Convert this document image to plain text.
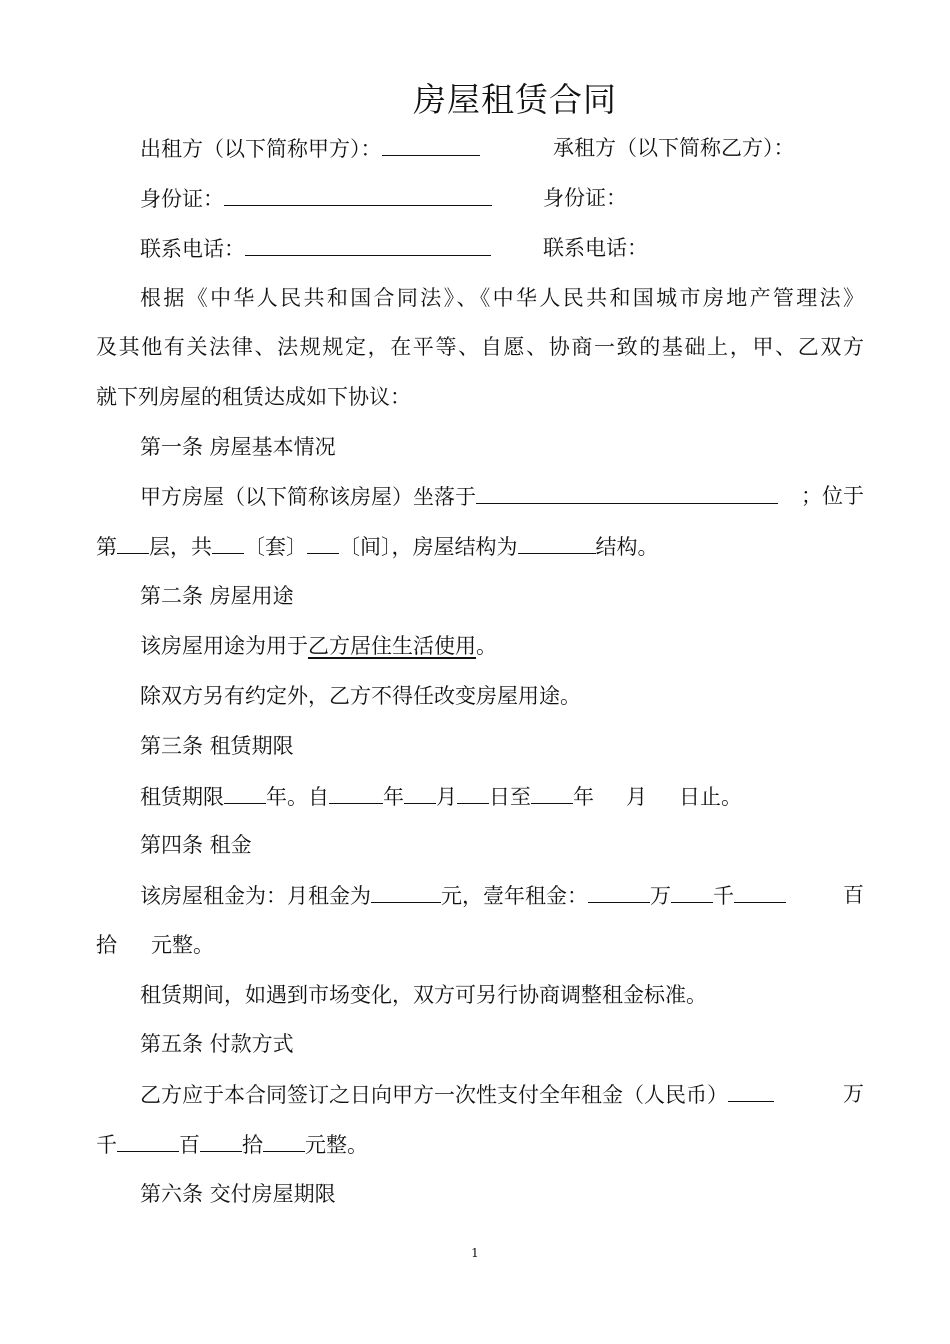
房屋租赁合同
出租方（以下简称甲方）：	承租方（以下简称乙方）：
身份证：	身份证：
联系电话：	联系电话：
根据《中华人民共和国合同法》、《中华人民共和国城市房地产管理法》
及其他有关法律、法规规定，在平等、自愿、协商一致的基础上，甲、乙双方
就下列房屋的租赁达成如下协议：
第一条 房屋基本情况
甲方房屋（以下简称该房屋）坐落于	；位于
第 层，共 〔套〕 〔间〕，房屋结构为	结构。
第二条 房屋用途
该房屋用途为用于乙方居住生活使用。
除双方另有约定外，乙方不得任改变房屋用途。
第三条 租赁期限
租赁期限 年。自	年 月 日至 年 月 日止。
第四条 租金
该房屋租金为：月租金为	元，壹年租金：	万 千	百
拾 元整。
租赁期间，如遇到市场变化，双方可另行协商调整租金标准。
第五条 付款方式
乙方应于本合同签订之日向甲方一次性支付全年租金（人民币）	万
千	百 拾 元整。
第六条 交付房屋期限
1
